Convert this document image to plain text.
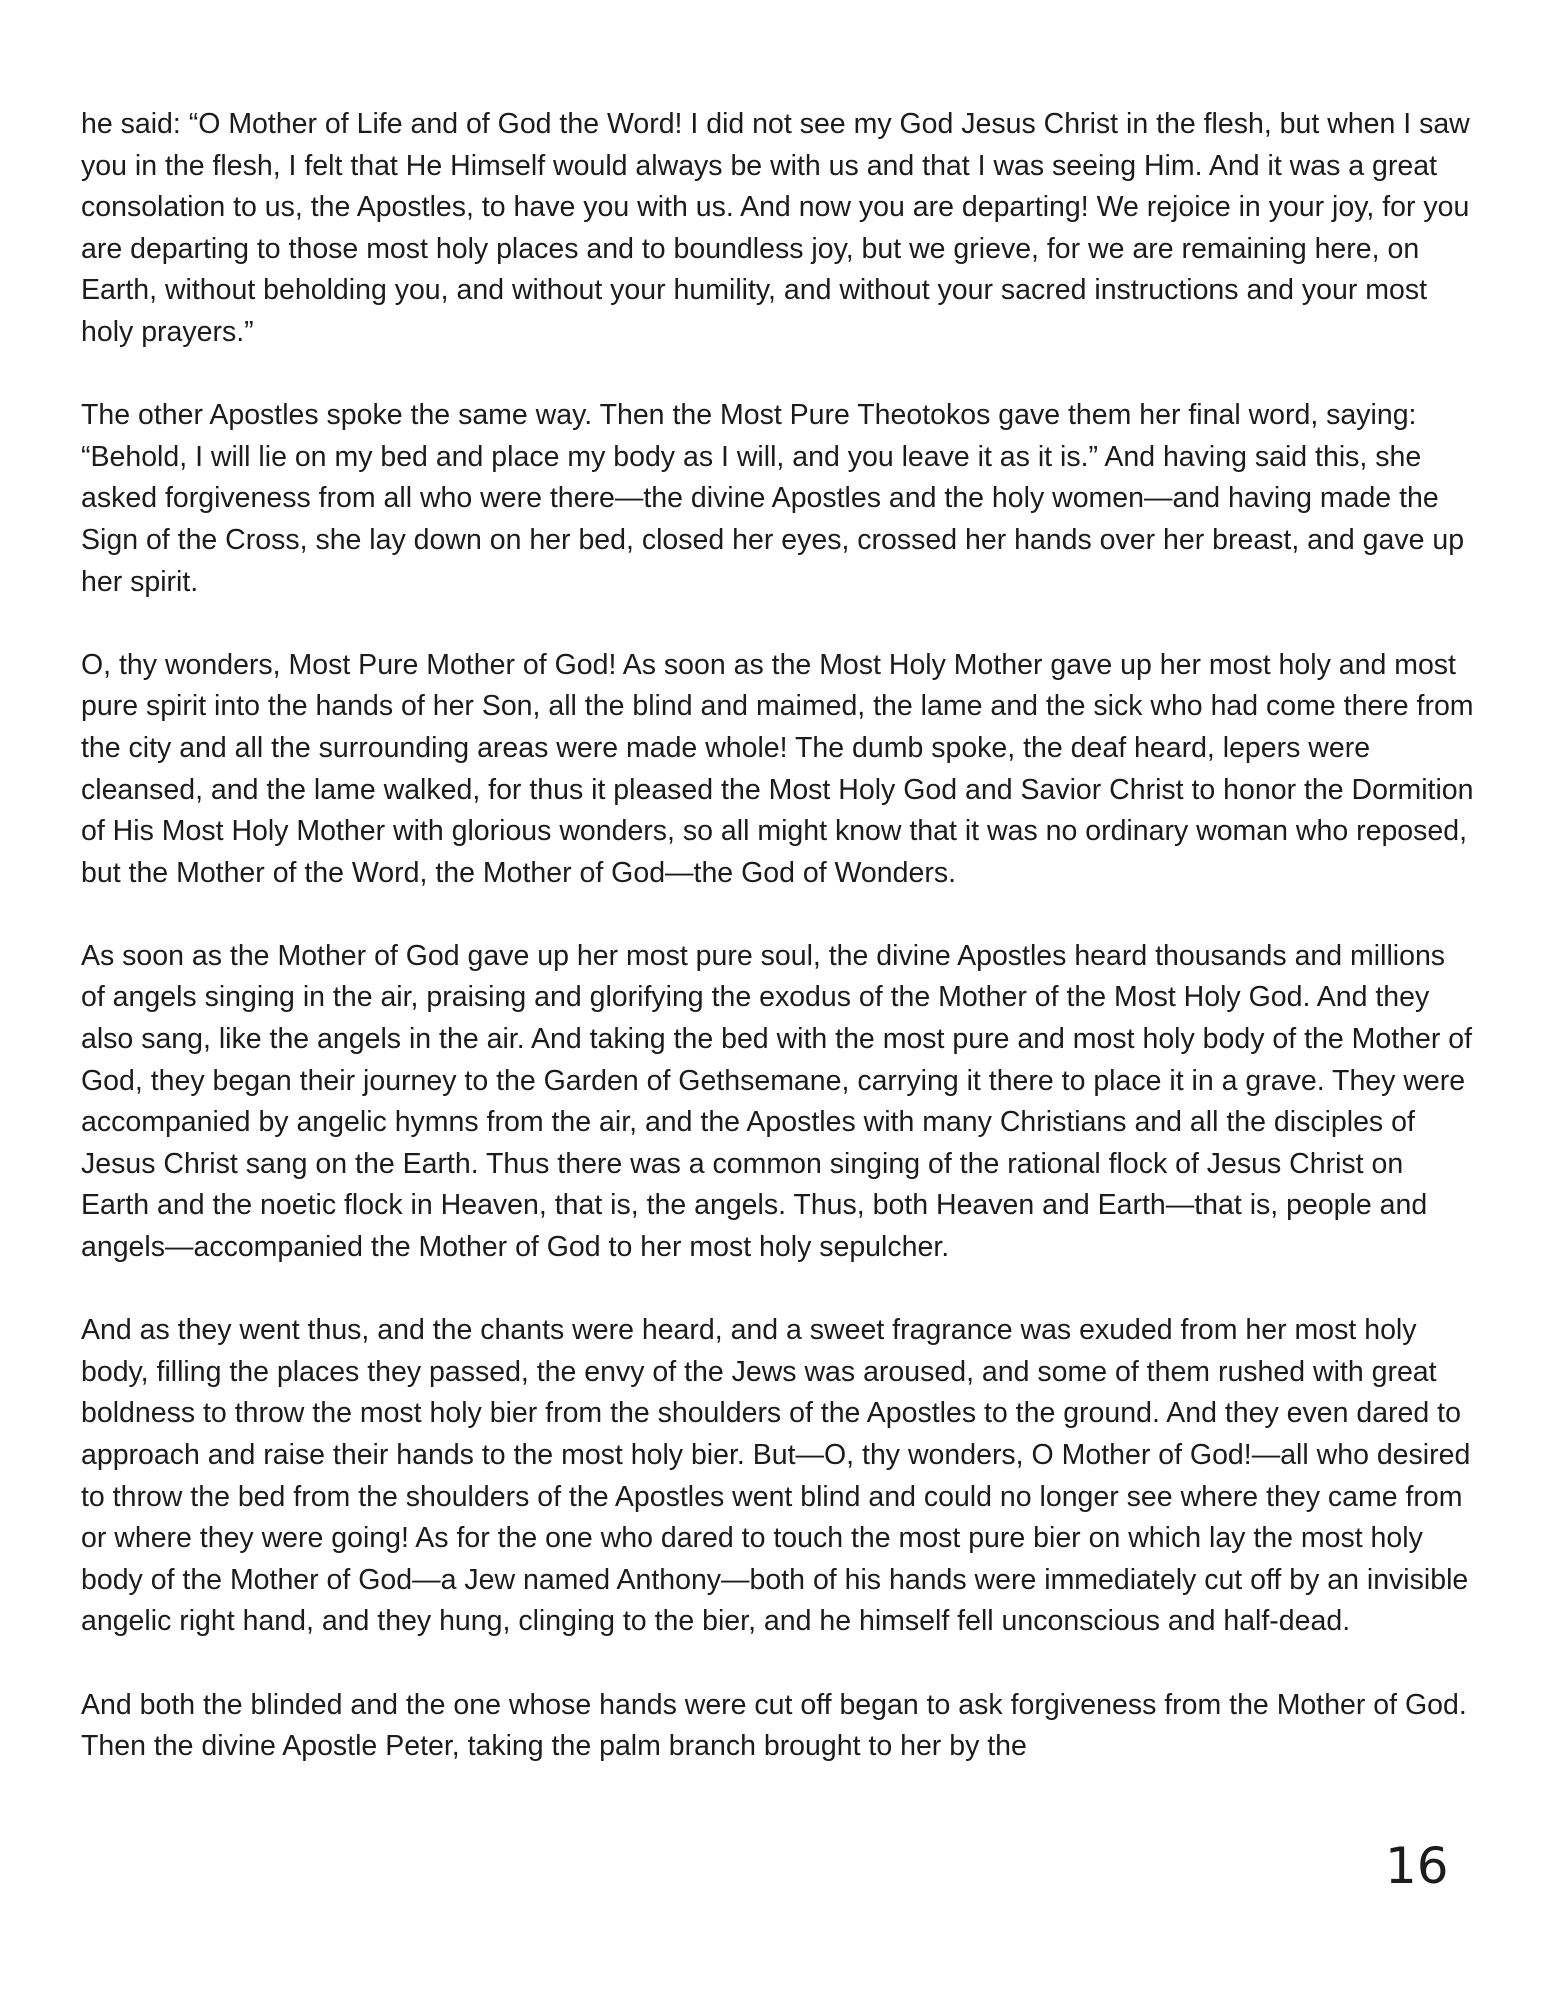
he said: “O Mother of Life and of God the Word! I did not see my God Jesus Christ in the flesh, but when I saw you in the flesh, I felt that He Himself would always be with us and that I was seeing Him. And it was a great consolation to us, the Apostles, to have you with us. And now you are departing! We rejoice in your joy, for you are departing to those most holy places and to boundless joy, but we grieve, for we are remaining here, on Earth, without beholding you, and without your humility, and without your sacred instructions and your most holy prayers.”

The other Apostles spoke the same way. Then the Most Pure Theotokos gave them her final word, saying: “Behold, I will lie on my bed and place my body as I will, and you leave it as it is.” And having said this, she asked forgiveness from all who were there—the divine Apostles and the holy women—and having made the Sign of the Cross, she lay down on her bed, closed her eyes, crossed her hands over her breast, and gave up her spirit.

O, thy wonders, Most Pure Mother of God! As soon as the Most Holy Mother gave up her most holy and most pure spirit into the hands of her Son, all the blind and maimed, the lame and the sick who had come there from the city and all the surrounding areas were made whole! The dumb spoke, the deaf heard, lepers were cleansed, and the lame walked, for thus it pleased the Most Holy God and Savior Christ to honor the Dormition of His Most Holy Mother with glorious wonders, so all might know that it was no ordinary woman who reposed, but the Mother of the Word, the Mother of God—the God of Wonders.

As soon as the Mother of God gave up her most pure soul, the divine Apostles heard thousands and millions of angels singing in the air, praising and glorifying the exodus of the Mother of the Most Holy God. And they also sang, like the angels in the air. And taking the bed with the most pure and most holy body of the Mother of God, they began their journey to the Garden of Gethsemane, carrying it there to place it in a grave. They were accompanied by angelic hymns from the air, and the Apostles with many Christians and all the disciples of Jesus Christ sang on the Earth. Thus there was a common singing of the rational flock of Jesus Christ on Earth and the noetic flock in Heaven, that is, the angels. Thus, both Heaven and Earth—that is, people and angels—accompanied the Mother of God to her most holy sepulcher.

And as they went thus, and the chants were heard, and a sweet fragrance was exuded from her most holy body, filling the places they passed, the envy of the Jews was aroused, and some of them rushed with great boldness to throw the most holy bier from the shoulders of the Apostles to the ground. And they even dared to approach and raise their hands to the most holy bier. But—O, thy wonders, O Mother of God!—all who desired to throw the bed from the shoulders of the Apostles went blind and could no longer see where they came from or where they were going! As for the one who dared to touch the most pure bier on which lay the most holy body of the Mother of God—a Jew named Anthony—both of his hands were immediately cut off by an invisible angelic right hand, and they hung, clinging to the bier, and he himself fell unconscious and half-dead.

And both the blinded and the one whose hands were cut off began to ask forgiveness from the Mother of God. Then the divine Apostle Peter, taking the palm branch brought to her by the

16
